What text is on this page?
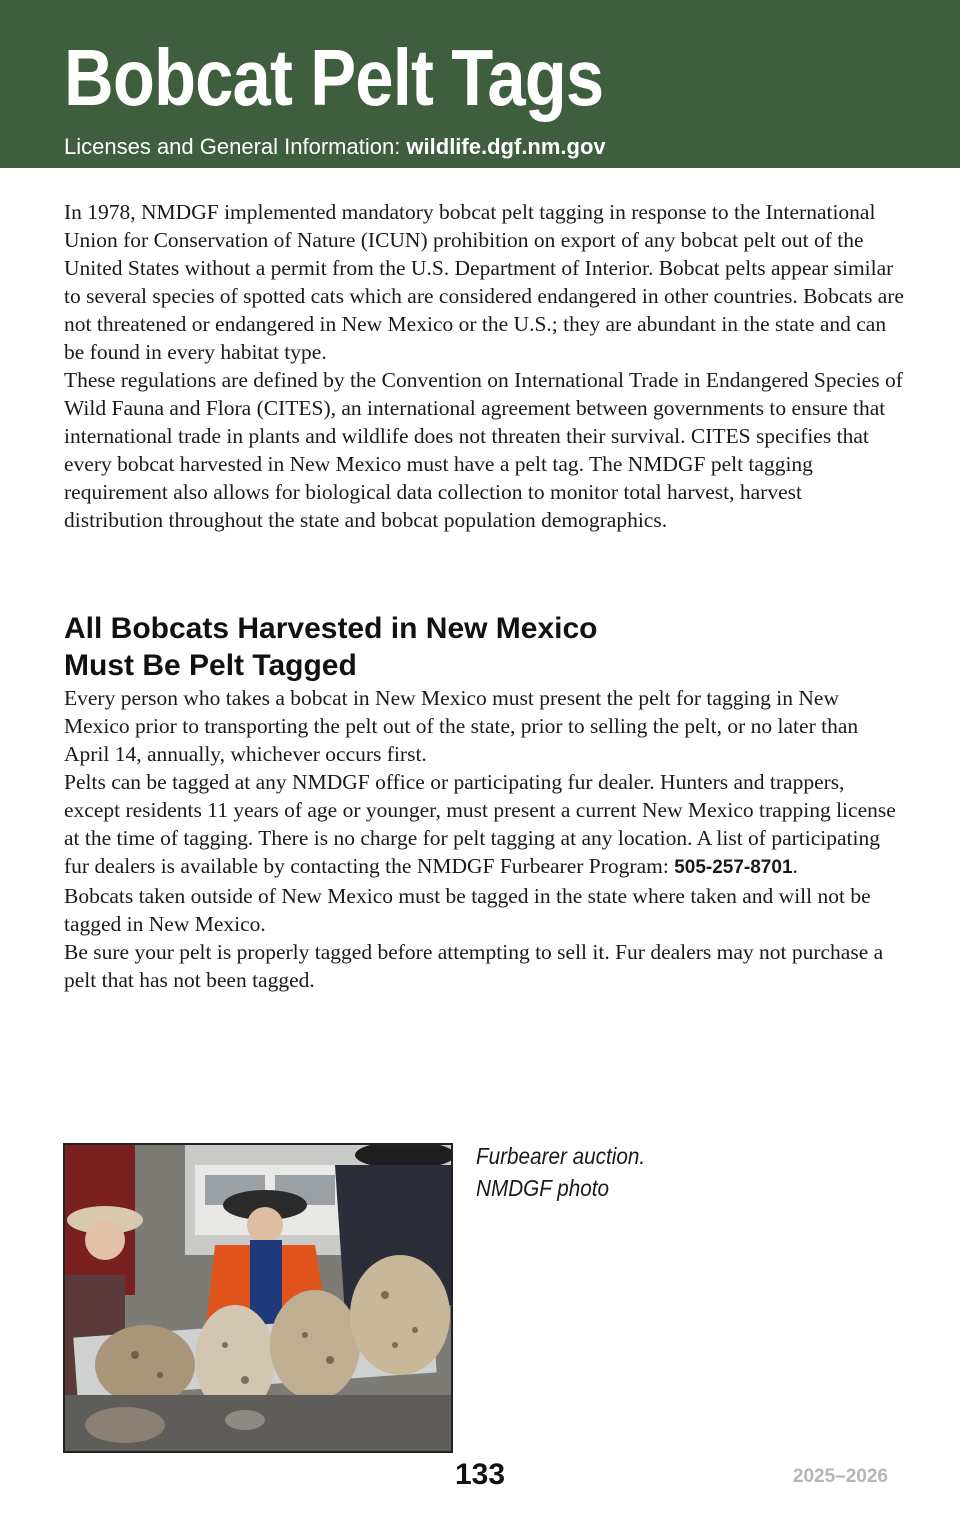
Bobcat Pelt Tags
Licenses and General Information: wildlife.dgf.nm.gov

In 1978, NMDGF implemented mandatory bobcat pelt tagging in response to the International Union for Conservation of Nature (ICUN) prohibition on export of any bobcat pelt out of the United States without a permit from the U.S. Department of Interior. Bobcat pelts appear similar to several species of spotted cats which are considered endangered in other countries. Bobcats are not threatened or endangered in New Mexico or the U.S.; they are abundant in the state and can be found in every habitat type.

These regulations are defined by the Convention on International Trade in Endangered Species of Wild Fauna and Flora (CITES), an international agreement between governments to ensure that international trade in plants and wildlife does not threaten their survival. CITES specifies that every bobcat harvested in New Mexico must have a pelt tag. The NMDGF pelt tagging requirement also allows for biological data collection to monitor total harvest, harvest distribution throughout the state and bobcat population demographics.

All Bobcats Harvested in New Mexico
Must Be Pelt Tagged

Every person who takes a bobcat in New Mexico must present the pelt for tagging in New Mexico prior to transporting the pelt out of the state, prior to selling the pelt, or no later than April 14, annually, whichever occurs first.

Pelts can be tagged at any NMDGF office or participating fur dealer. Hunters and trappers, except residents 11 years of age or younger, must present a current New Mexico trapping license at the time of tagging. There is no charge for pelt tagging at any location. A list of participating fur dealers is available by contacting the NMDGF Furbearer Program: 505-257-8701.

Bobcats taken outside of New Mexico must be tagged in the state where taken and will not be tagged in New Mexico.

Be sure your pelt is properly tagged before attempting to sell it. Fur dealers may not purchase a pelt that has not been tagged.

Furbearer auction.
NMDGF photo
133	2025–2026
